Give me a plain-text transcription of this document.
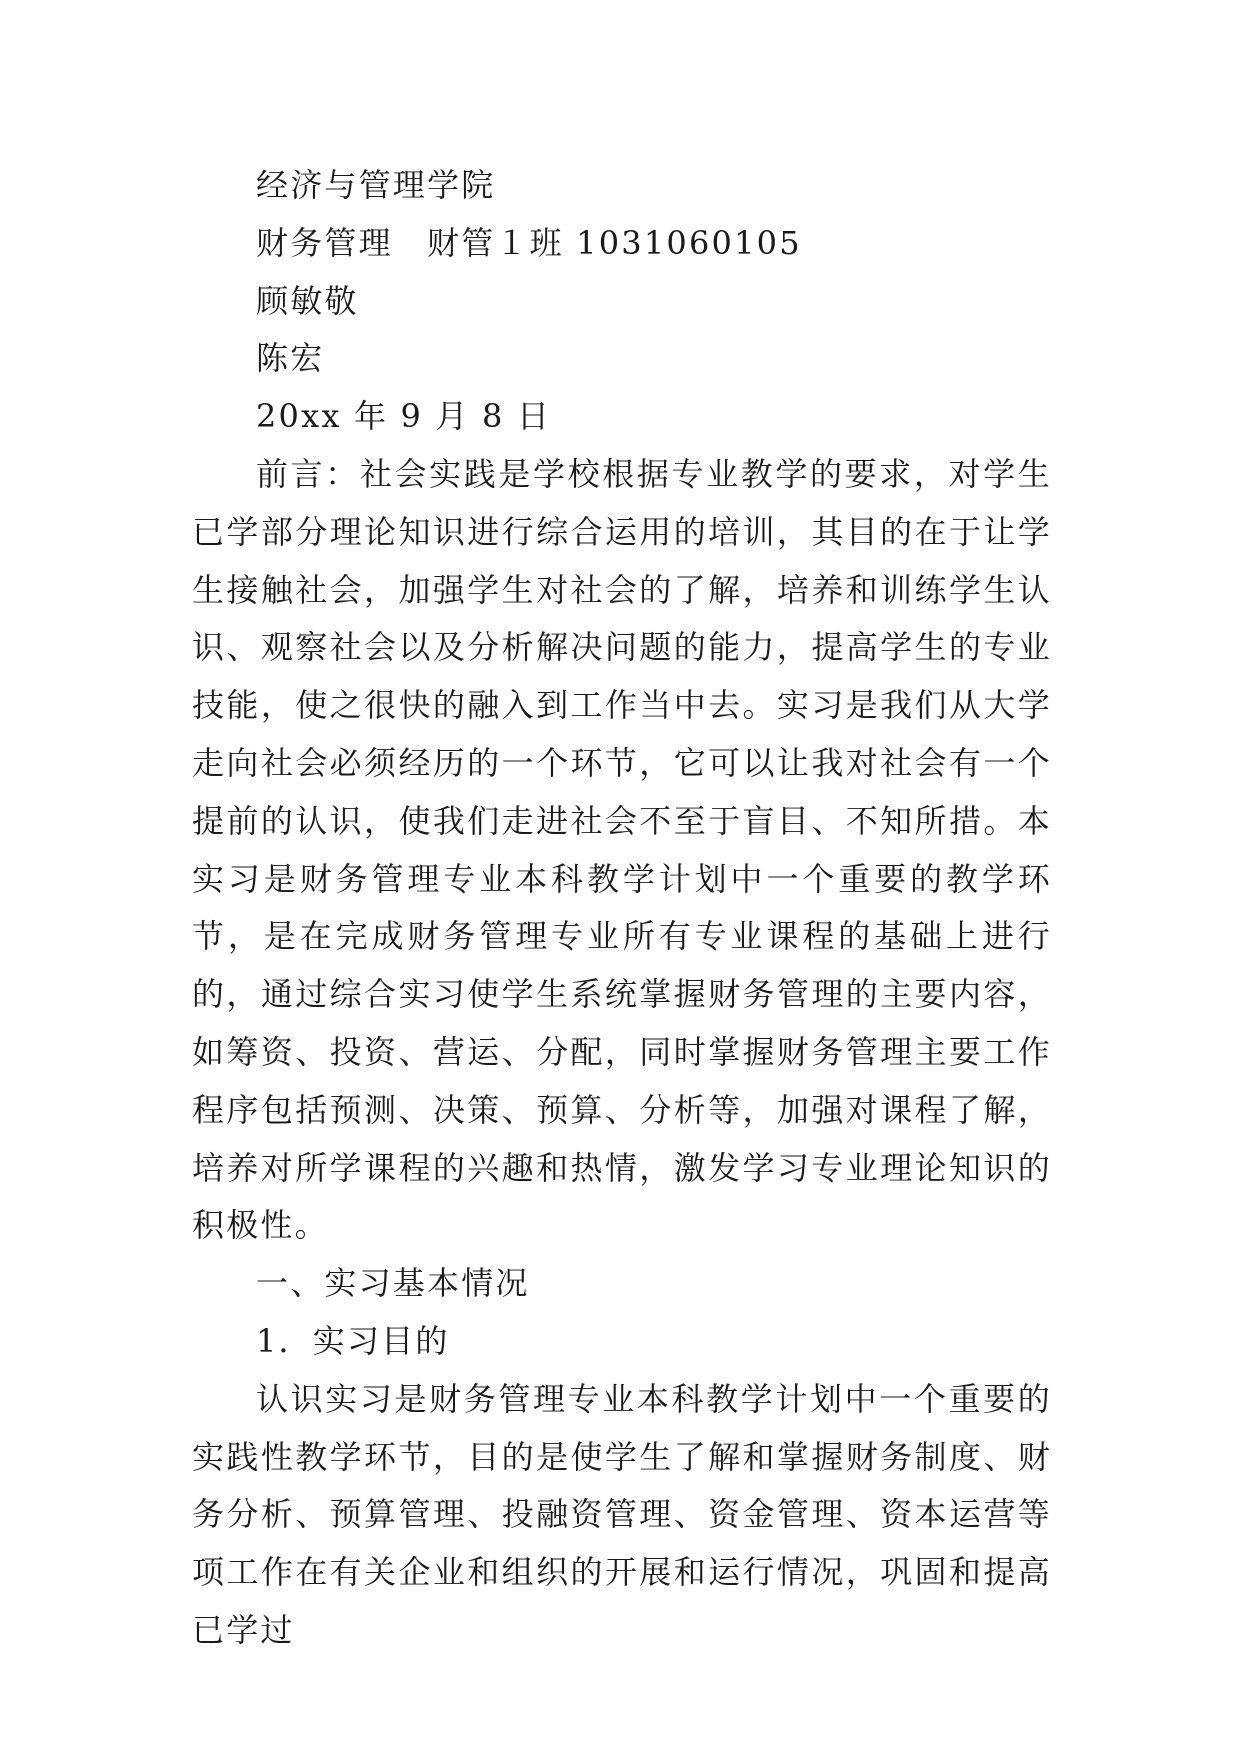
经济与管理学院

财务管理　财管１班 1031060105

顾敏敬

陈宏

20xx 年 9 月 8 日

前言：社会实践是学校根据专业教学的要求，对学生已学部分理论知识进行综合运用的培训，其目的在于让学生接触社会，加强学生对社会的了解，培养和训练学生认识、观察社会以及分析解决问题的能力，提高学生的专业技能，使之很快的融入到工作当中去。实习是我们从大学走向社会必须经历的一个环节，它可以让我对社会有一个提前的认识，使我们走进社会不至于盲目、不知所措。本实习是财务管理专业本科教学计划中一个重要的教学环节，是在完成财务管理专业所有专业课程的基础上进行的，通过综合实习使学生系统掌握财务管理的主要内容，如筹资、投资、营运、分配，同时掌握财务管理主要工作程序包括预测、决策、预算、分析等，加强对课程了解，培养对所学课程的兴趣和热情，激发学习专业理论知识的积极性。

一、实习基本情况

1．实习目的

认识实习是财务管理专业本科教学计划中一个重要的实践性教学环节，目的是使学生了解和掌握财务制度、财务分析、预算管理、投融资管理、资金管理、资本运营等项工作在有关企业和组织的开展和运行情况，巩固和提高已学过
